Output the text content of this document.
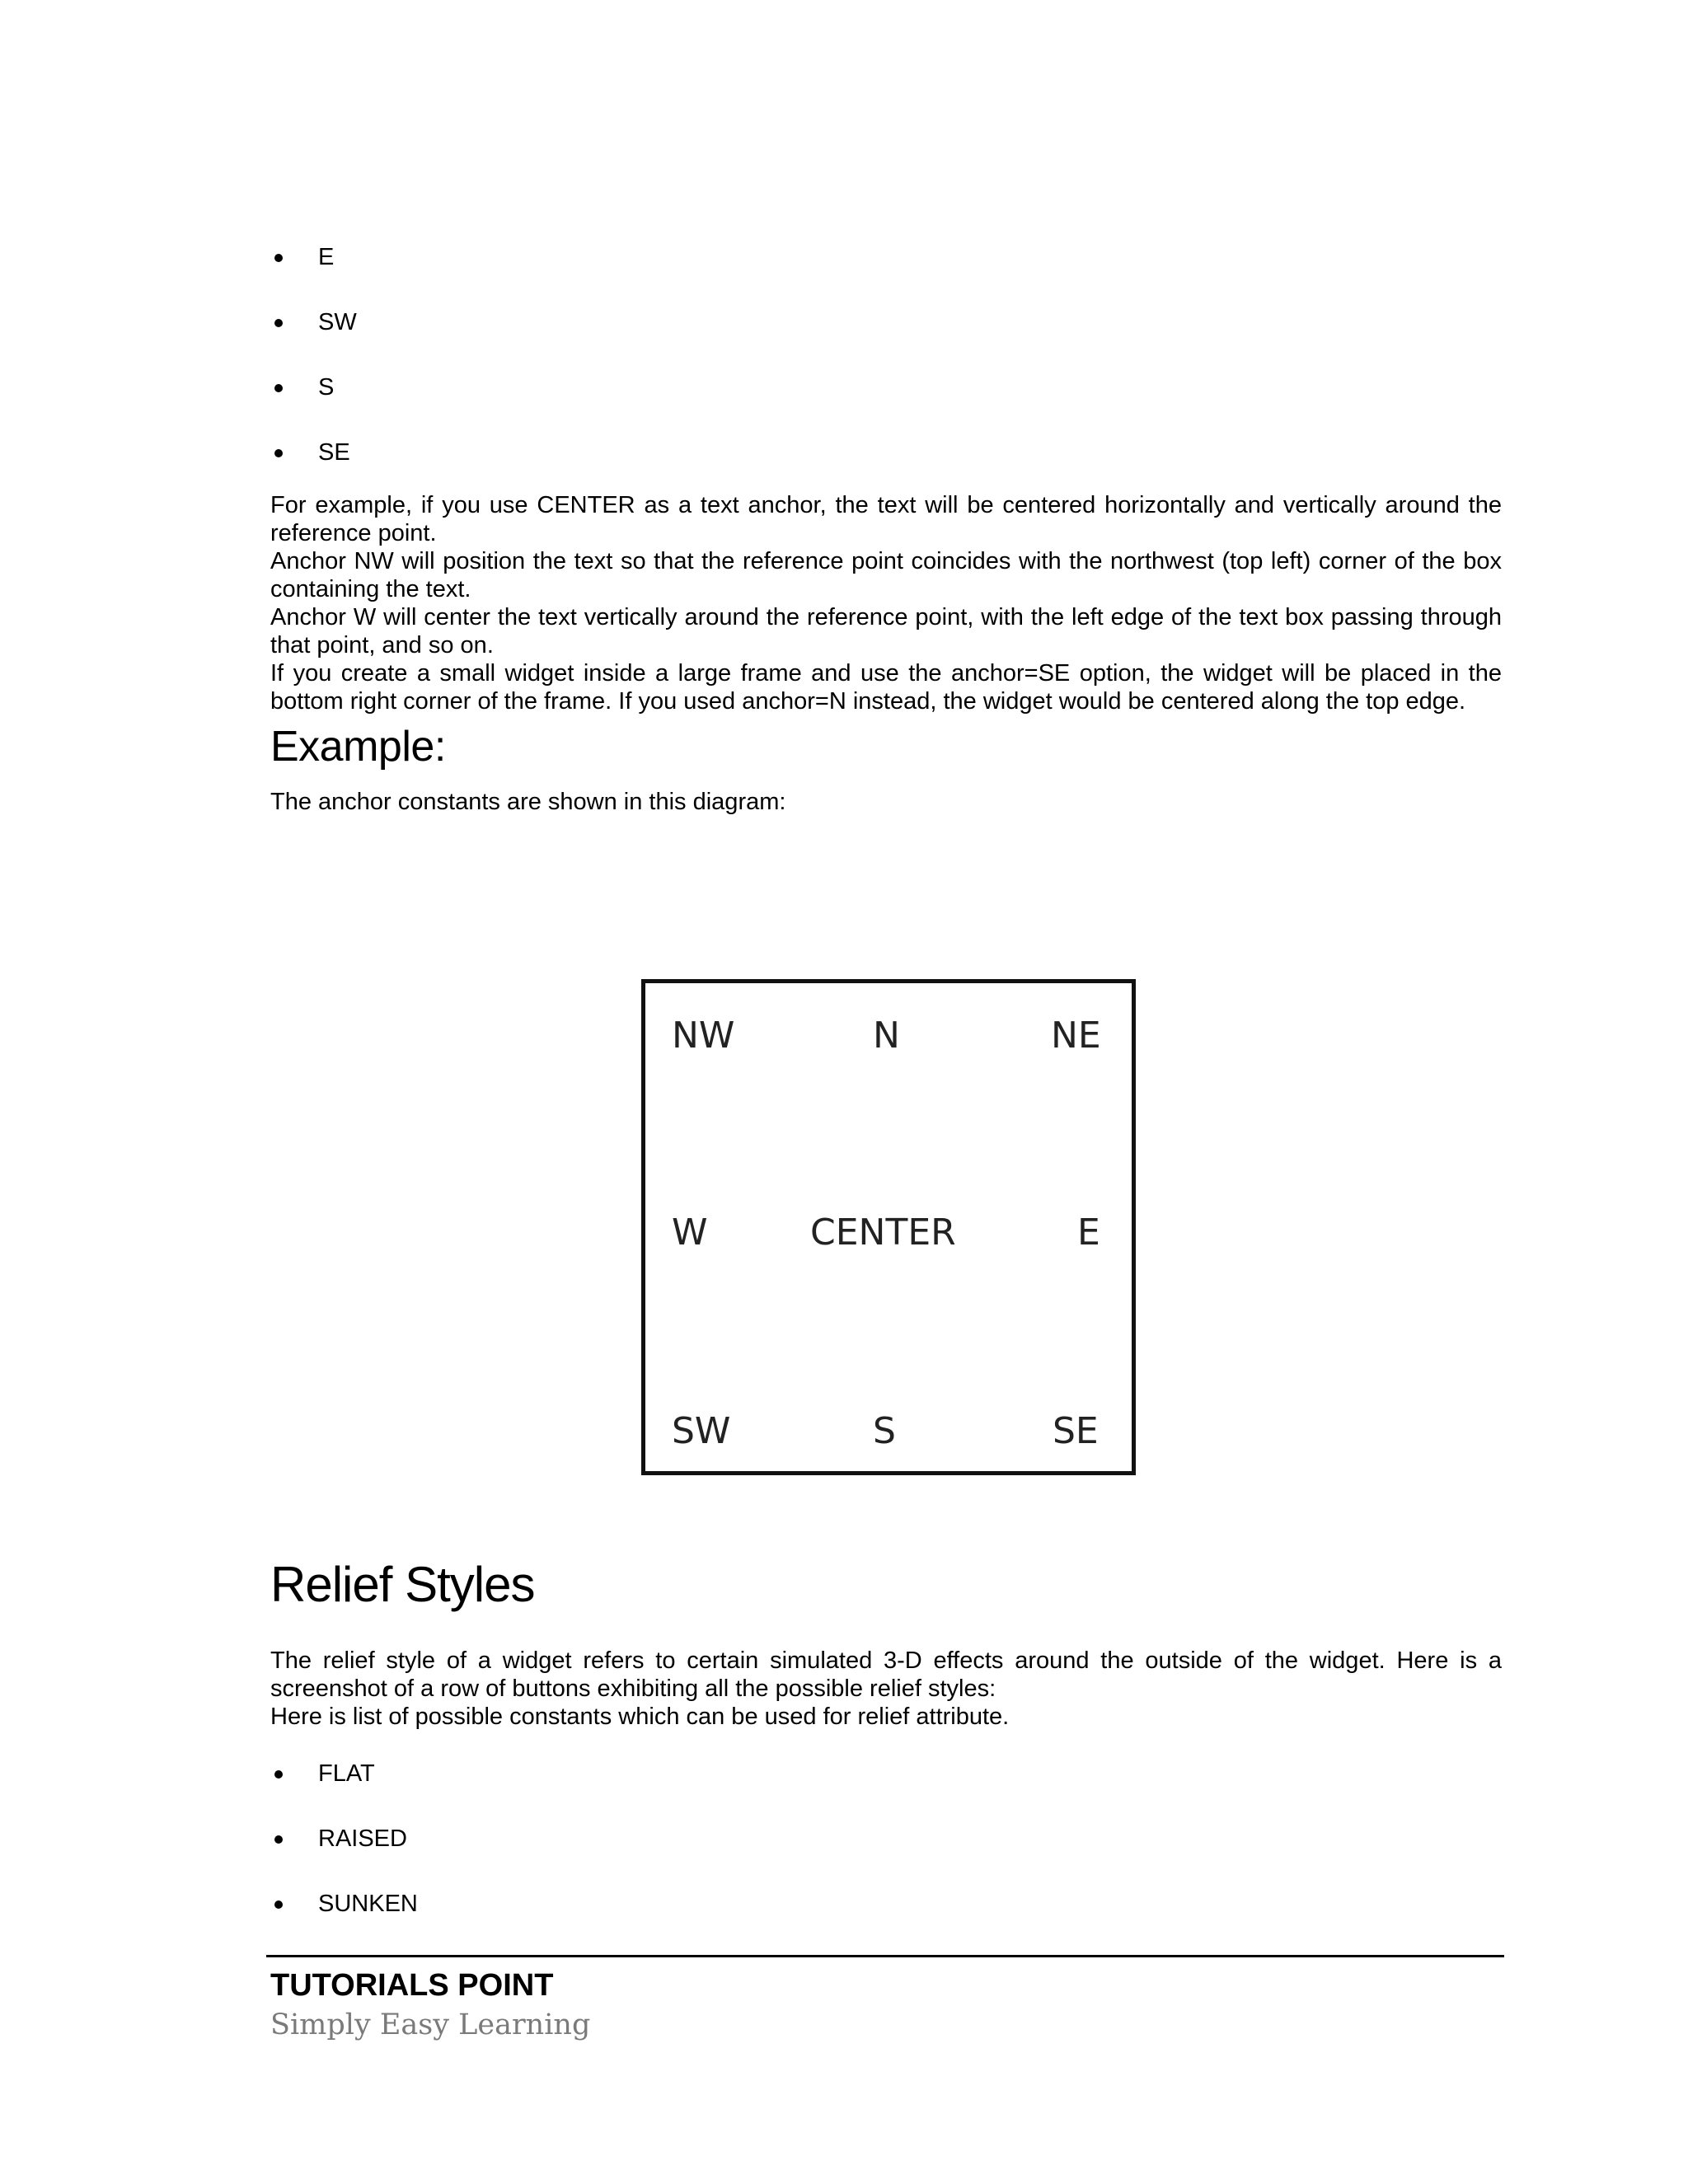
E
SW
S
SE

For example, if you use CENTER as a text anchor, the text will be centered horizontally and vertically around the reference point.

Anchor NW will position the text so that the reference point coincides with the northwest (top left) corner of the box containing the text.

Anchor W will center the text vertically around the reference point, with the left edge of the text box passing through that point, and so on.

If you create a small widget inside a large frame and use the anchor=SE option, the widget will be placed in the bottom right corner of the frame. If you used anchor=N instead, the widget would be centered along the top edge.

Example:

The anchor constants are shown in this diagram:

NW	N	NE
W	CENTER	E
SW	S	SE
Relief Styles

The relief style of a widget refers to certain simulated 3-D effects around the outside of the widget. Here is a screenshot of a row of buttons exhibiting all the possible relief styles:

Here is list of possible constants which can be used for relief attribute.

FLAT
RAISED
SUNKEN
TUTORIALS POINT
Simply Easy Learning
